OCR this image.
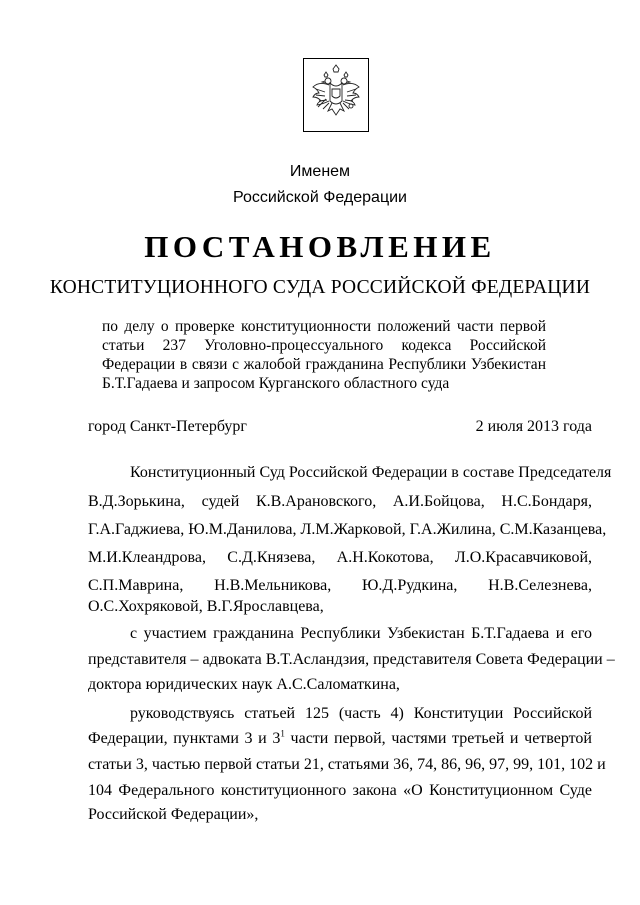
Именем
Российской Федерации
ПОСТАНОВЛЕНИЕ
КОНСТИТУЦИОННОГО СУДА РОССИЙСКОЙ ФЕДЕРАЦИИ
по делу о проверке конституционности положений части первой
статьи 237 Уголовно-процессуального кодекса Российской
Федерации в связи с жалобой гражданина Республики Узбекистан
Б.Т.Гадаева и запросом Курганского областного суда
город Санкт-Петербург	2 июля 2013 года
Конституционный Суд Российской Федерации в составе Председателя
В.Д.Зорькина, судей К.В.Арановского, А.И.Бойцова, Н.С.Бондаря,
Г.А.Гаджиева, Ю.М.Данилова, Л.М.Жарковой, Г.А.Жилина, С.М.Казанцева,
М.И.Клеандрова, С.Д.Князева, А.Н.Кокотова, Л.О.Красавчиковой,
С.П.Маврина, Н.В.Мельникова, Ю.Д.Рудкина, Н.В.Селезнева,
О.С.Хохряковой, В.Г.Ярославцева,
с участием гражданина Республики Узбекистан Б.Т.Гадаева и его
представителя – адвоката В.Т.Асландзия, представителя Совета Федерации –
доктора юридических наук А.С.Саломаткина,
руководствуясь статьей 125 (часть 4) Конституции Российской
Федерации, пунктами 3 и $3^1$ части первой, частями третьей и четвертой
статьи 3, частью первой статьи 21, статьями 36, 74, 86, 96, 97, 99, 101, 102 и
104 Федерального конституционного закона «О Конституционном Суде
Российской Федерации»,
